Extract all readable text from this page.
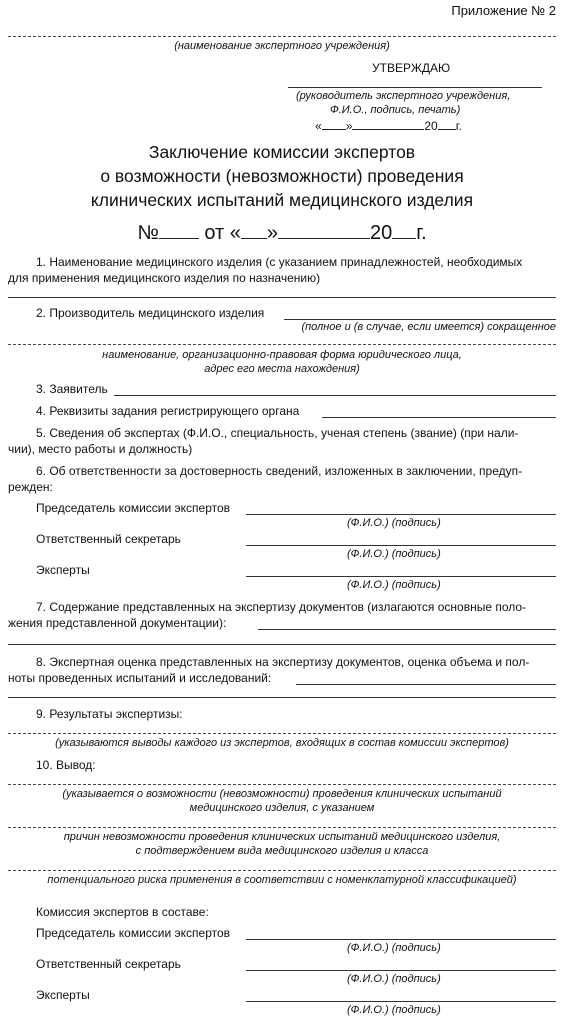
Приложение № 2
(наименование экспертного учреждения)
УТВЕРЖДАЮ
(руководитель экспертного учреждения,
Ф.И.О., подпись, печать)
« »	20 г.
Заключение комиссии экспертов
о возможности (невозможности) проведения
клинических испытаний медицинского изделия
№ от « »	20 г.
1. Наименование медицинского изделия (с указанием принадлежностей, необходимых
для применения медицинского изделия по назначению)
2. Производитель медицинского изделия
(полное и (в случае, если имеется) сокращенное
наименование, организационно-правовая форма юридического лица,
адрес его места нахождения)
3. Заявитель
4. Реквизиты задания регистрирующего органа
5. Сведения об экспертах (Ф.И.О., специальность, ученая степень (звание) (при нали-
чии), место работы и должность)
6. Об ответственности за достоверность сведений, изложенных в заключении, предуп-
режден:
Председатель комиссии экспертов
(Ф.И.О.) (подпись)
Ответственный секретарь
(Ф.И.О.) (подпись)
Эксперты
(Ф.И.О.) (подпись)
7. Содержание представленных на экспертизу документов (излагаются основные поло-
жения представленной документации):
8. Экспертная оценка представленных на экспертизу документов, оценка объема и пол-
ноты проведенных испытаний и исследований:
9. Результаты экспертизы:
(указываются выводы каждого из экспертов, входящих в состав комиссии экспертов)
10. Вывод:
(указывается о возможности (невозможности) проведения клинических испытаний
медицинского изделия, с указанием
причин невозможности проведения клинических испытаний медицинского изделия,
с подтверждением вида медицинского изделия и класса
потенциального риска применения в соответствии с номенклатурной классификацией)
Комиссия экспертов в составе:
Председатель комиссии экспертов
(Ф.И.О.) (подпись)
Ответственный секретарь
(Ф.И.О.) (подпись)
Эксперты
(Ф.И.О.) (подпись)
